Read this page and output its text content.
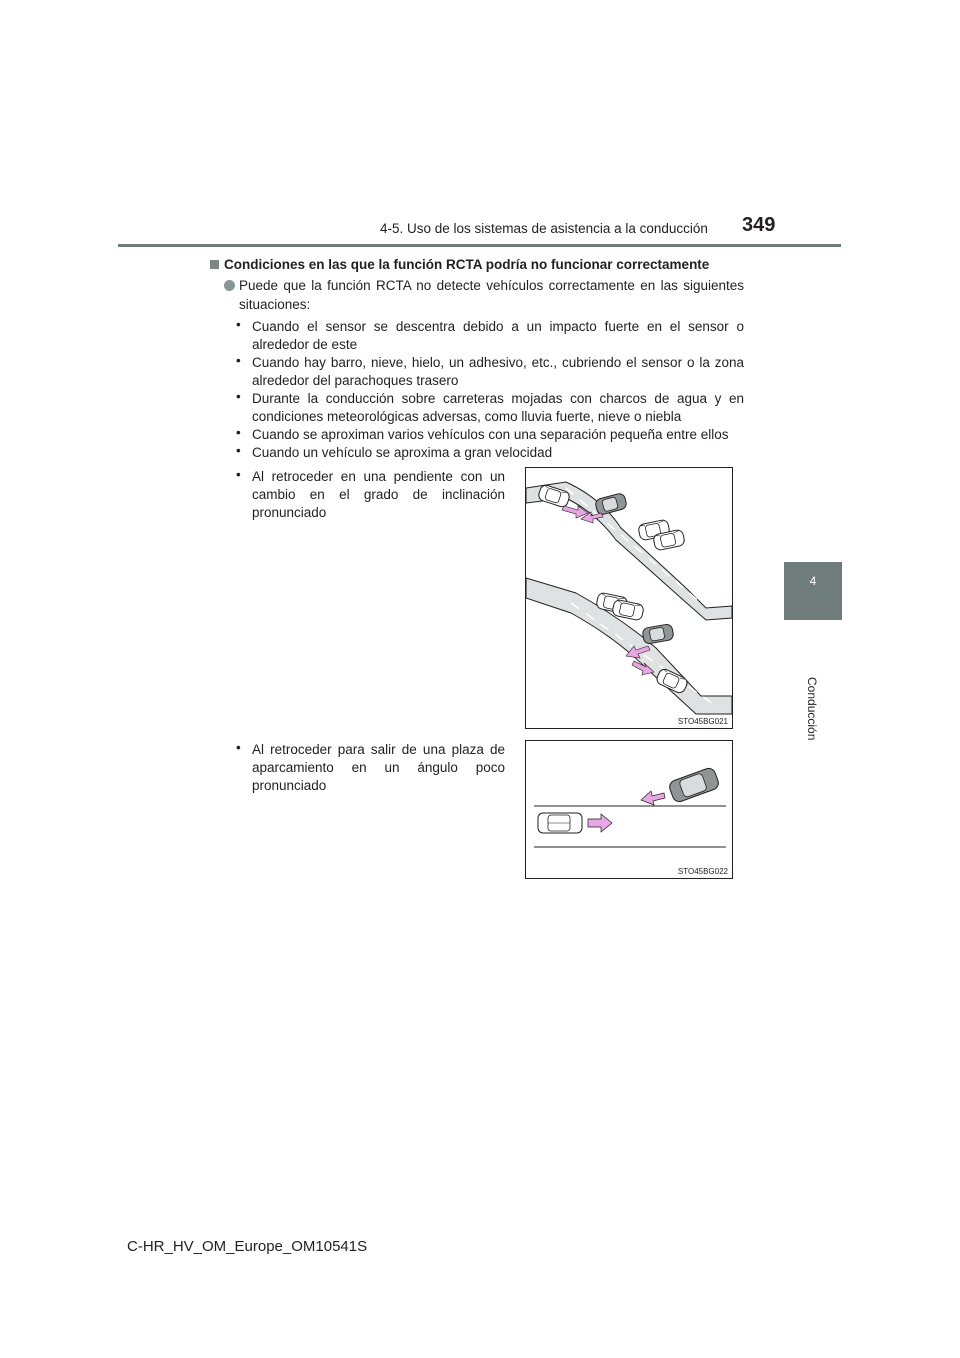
4-5. Uso de los sistemas de asistencia a la conducción 349
4
Conducción
Condiciones en las que la función RCTA podría no funcionar correctamente
Puede que la función RCTA no detecte vehículos correctamente en las siguientes
situaciones:
• Cuando el sensor se descentra debido a un impacto fuerte en el sensor o
alrededor de este
• Cuando hay barro, nieve, hielo, un adhesivo, etc., cubriendo el sensor o la zona
alrededor del parachoques trasero
• Durante la conducción sobre carreteras mojadas con charcos de agua y en
condiciones meteorológicas adversas, como lluvia fuerte, nieve o niebla
• Cuando se aproximan varios vehículos con una separación pequeña entre ellos
• Cuando un vehículo se aproxima a gran velocidad
• Al retroceder en una pendiente con un
cambio en el grado de inclinación
pronunciado
STO45BG021
• Al retroceder para salir de una plaza de
aparcamiento en un ángulo poco
pronunciado
STO45BG022
C-HR_HV_OM_Europe_OM10541S
